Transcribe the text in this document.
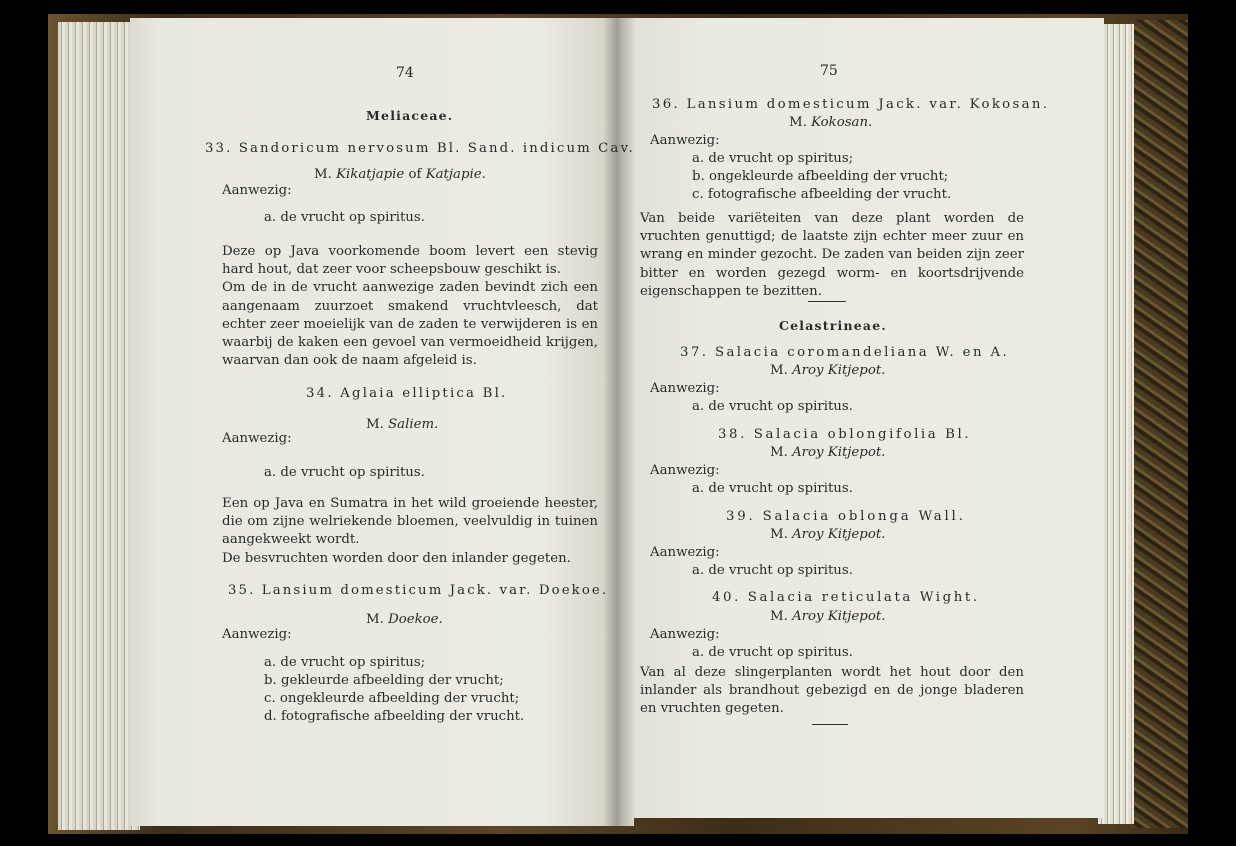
74
Meliaceae.
33. Sandoricum nervosum Bl. Sand. indicum Cav.
M. Kikatjapie of Katjapie.
Aanwezig:
a. de vrucht op spiritus.

Deze op Java voorkomende boom levert een stevig hard hout, dat zeer voor scheepsbouw geschikt is.

Om de in de vrucht aanwezige zaden bevindt zich een aangenaam zuurzoet smakend vruchtvleesch, dat echter zeer moeielijk van de zaden te verwijderen is en waarbij de kaken een gevoel van vermoeidheid krijgen, waarvan dan ook de naam afgeleid is.

34. Aglaia elliptica Bl.
M. Saliem.
Aanwezig:
a. de vrucht op spiritus.

Een op Java en Sumatra in het wild groeiende heester, die om zijne welriekende bloemen, veelvuldig in tuinen aangekweekt wordt.

De besvruchten worden door den inlander gegeten.

35. Lansium domesticum Jack. var. Doekoe.
M. Doekoe.
Aanwezig:
a. de vrucht op spiritus;
b. gekleurde afbeelding der vrucht;
c. ongekleurde afbeelding der vrucht;
d. fotografische afbeelding der vrucht.
75
36. Lansium domesticum Jack. var. Kokosan.
M. Kokosan.
Aanwezig:
a. de vrucht op spiritus;
b. ongekleurde afbeelding der vrucht;
c. fotografische afbeelding der vrucht.

Van beide variëteiten van deze plant worden de vruchten genuttigd; de laatste zijn echter meer zuur en wrang en minder gezocht. De zaden van beiden zijn zeer bitter en worden gezegd worm- en koortsdrijvende eigenschappen te bezitten.

Celastrineae.
37. Salacia coromandeliana W. en A.
M. Aroy Kitjepot.
Aanwezig:
a. de vrucht op spiritus.
38. Salacia oblongifolia Bl.
M. Aroy Kitjepot.
Aanwezig:
a. de vrucht op spiritus.
39. Salacia oblonga Wall.
M. Aroy Kitjepot.
Aanwezig:
a. de vrucht op spiritus.
40. Salacia reticulata Wight.
M. Aroy Kitjepot.
Aanwezig:
a. de vrucht op spiritus.

Van al deze slingerplanten wordt het hout door den inlander als brandhout gebezigd en de jonge bladeren en vruchten gegeten.
